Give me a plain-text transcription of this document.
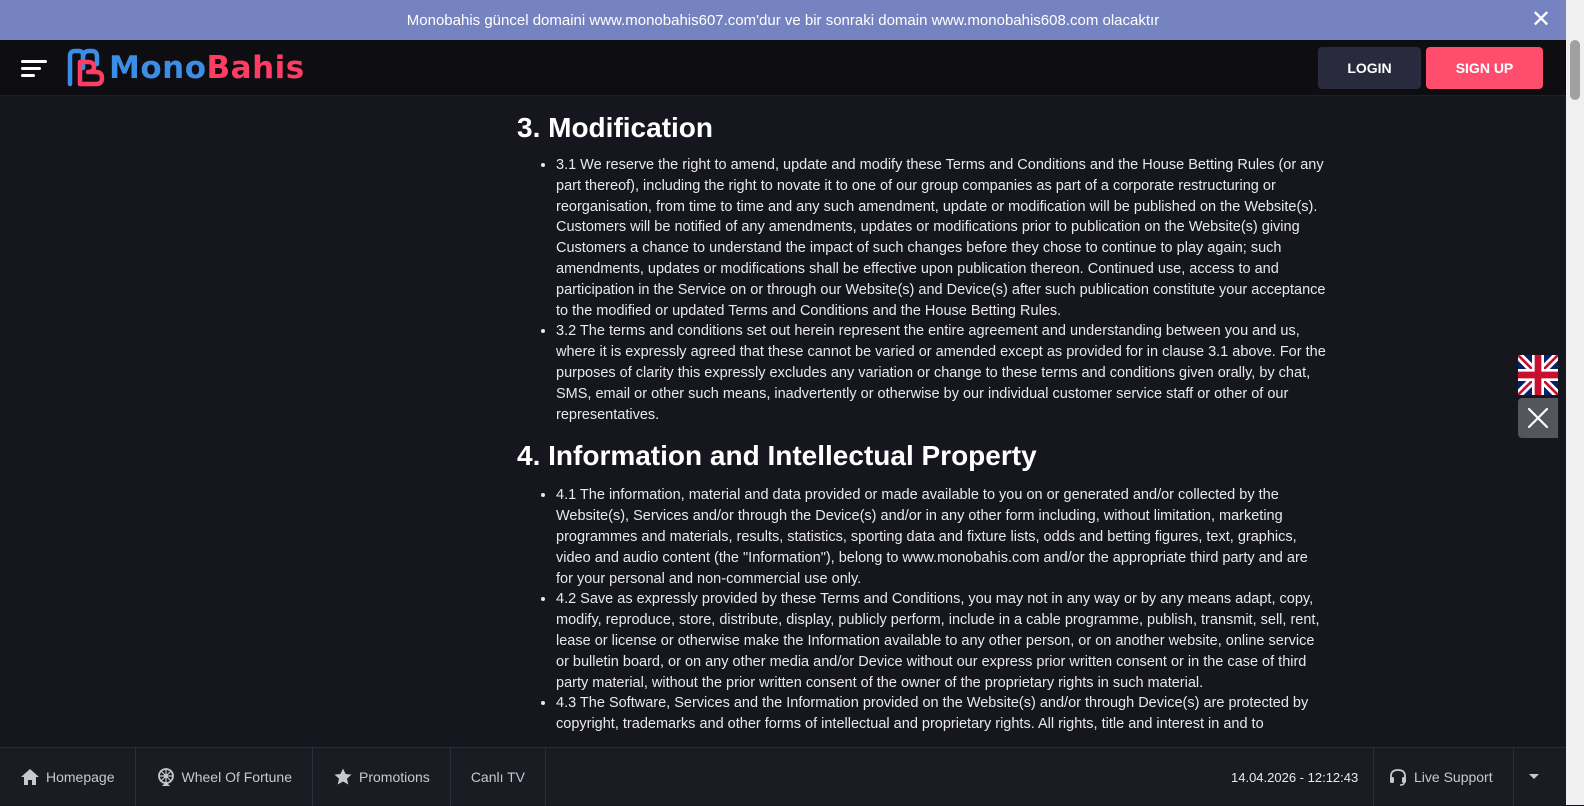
Monobahis güncel domaini www.monobahis607.com'dur ve bir sonraki domain www.monobahis608.com olacaktır	✕
MonoBahis	LOGIN	SIGN UP
3. Modification
• 3.1 We reserve the right to amend, update and modify these Terms and Conditions and the House Betting Rules (or any part thereof), including the right to novate it to one of our group companies as part of a corporate restructuring or reorganisation, from time to time and any such amendment, update or modification will be published on the Website(s). Customers will be notified of any amendments, updates or modifications prior to publication on the Website(s) giving Customers a chance to understand the impact of such changes before they chose to continue to play again; such amendments, updates or modifications shall be effective upon publication thereon. Continued use, access to and participation in the Service on or through our Website(s) and Device(s) after such publication constitute your acceptance to the modified or updated Terms and Conditions and the House Betting Rules.
• 3.2 The terms and conditions set out herein represent the entire agreement and understanding between you and us, where it is expressly agreed that these cannot be varied or amended except as provided for in clause 3.1 above. For the purposes of clarity this expressly excludes any variation or change to these terms and conditions given orally, by chat, SMS, email or other such means, inadvertently or otherwise by our individual customer service staff or other of our representatives.
4. Information and Intellectual Property
• 4.1 The information, material and data provided or made available to you on or generated and/or collected by the Website(s), Services and/or through the Device(s) and/or in any other form including, without limitation, marketing programmes and materials, results, statistics, sporting data and fixture lists, odds and betting figures, text, graphics, video and audio content (the "Information"), belong to www.monobahis.com and/or the appropriate third party and are for your personal and non-commercial use only.
• 4.2 Save as expressly provided by these Terms and Conditions, you may not in any way or by any means adapt, copy, modify, reproduce, store, distribute, display, publicly perform, include in a cable programme, publish, transmit, sell, rent, lease or license or otherwise make the Information available to any other person, or on another website, online service or bulletin board, or on any other media and/or Device without our express prior written consent or in the case of third party material, without the prior written consent of the owner of the proprietary rights in such material.
• 4.3 The Software, Services and the Information provided on the Website(s) and/or through Device(s) are protected by copyright, trademarks and other forms of intellectual and proprietary rights. All rights, title and interest in and to
Homepage	Wheel Of Fortune	Promotions	Canlı TV	14.04.2026 - 12:12:43	Live Support
